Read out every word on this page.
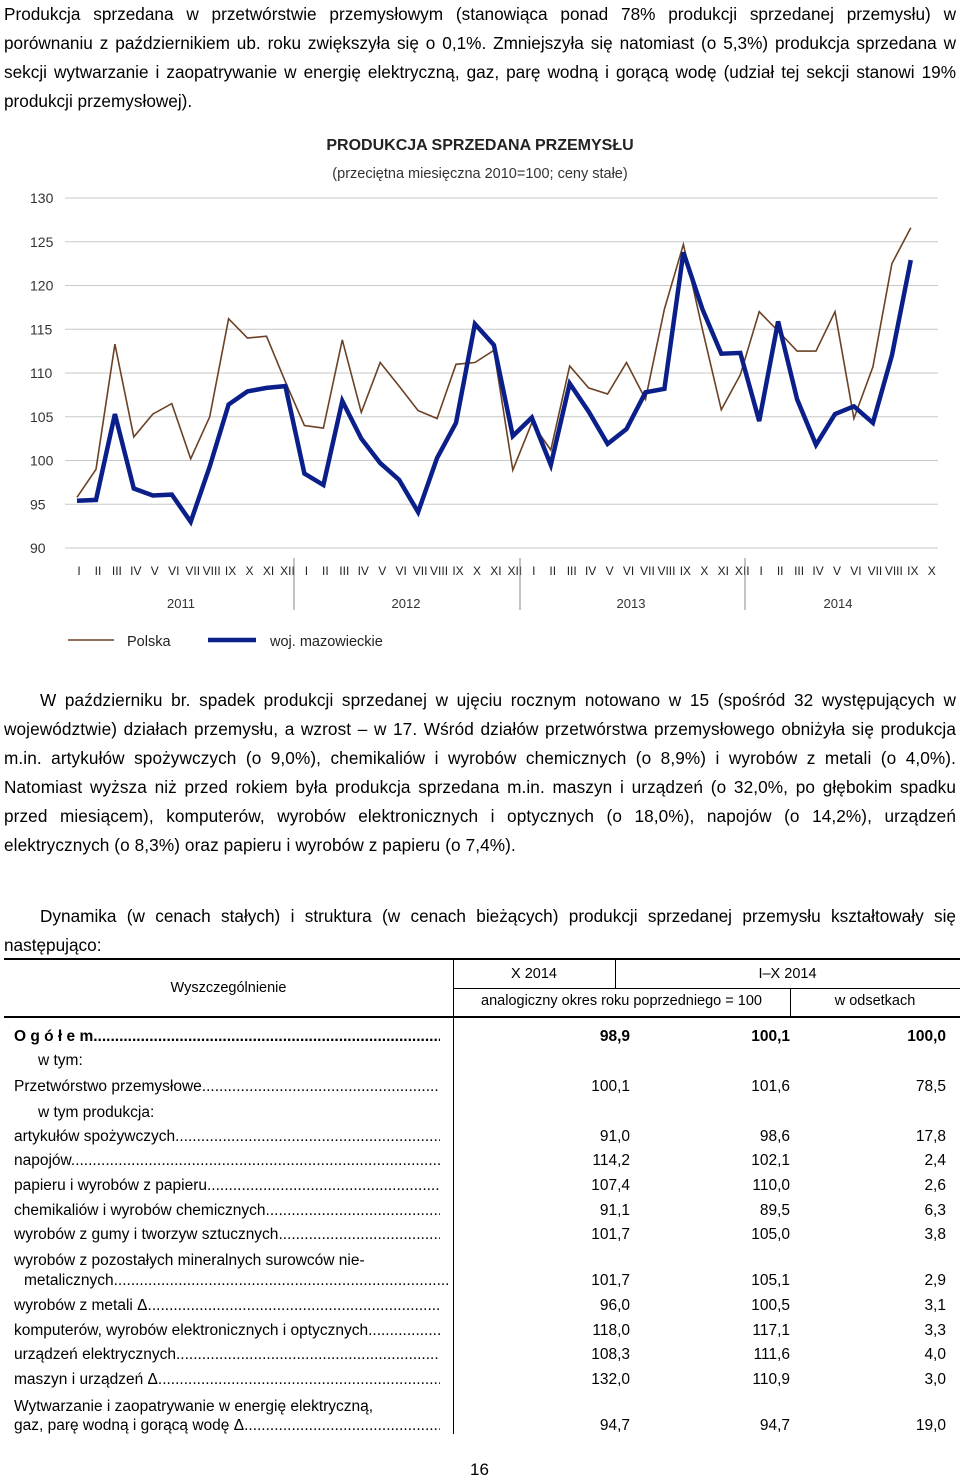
Produkcja sprzedana w przetwórstwie przemysłowym (stanowiąca ponad 78% produkcji sprzedanej przemysłu) w porównaniu z październikiem ub. roku zwiększyła się o 0,1%. Zmniejszyła się natomiast (o 5,3%) produkcja sprzedana w sekcji wytwarzanie i zaopatrywanie w energię elektryczną, gaz, parę wodną i gorącą wodę (udział tej sekcji stanowi 19% produkcji przemysłowej).

PRODUKCJA SPRZEDANA PRZEMYSŁU
(przeciętna miesięczna 2010=100; ceny stałe)
90
95
100
105
110
115
120
125
130
I II III IV V VI VII VIII IX X XI XII I II III IV V VI VII VIII IX X XI XII I II III IV V VI VII VIII IX X XI XII I II III IV V VI VII VIII IX X
2011	2012	2013	2014
Polska	woj. mazowieckie

W październiku br. spadek produkcji sprzedanej w ujęciu rocznym notowano w 15 (spośród 32 występujących w województwie) działach przemysłu, a wzrost – w 17. Wśród działów przetwórstwa przemysłowego obniżyła się produkcja m.in. artykułów spożywczych (o 9,0%), chemikaliów i wyrobów chemicznych (o 8,9%) i wyrobów z metali (o 4,0%). Natomiast wyższa niż przed rokiem była produkcja sprzedana m.in. maszyn i urządzeń (o 32,0%, po głębokim spadku przed miesiącem), komputerów, wyrobów elektronicznych i optycznych (o 18,0%), napojów (o 14,2%), urządzeń elektrycznych (o 8,3%) oraz papieru i wyrobów z papieru (o 7,4%).

Dynamika (w cenach stałych) i struktura (w cenach bieżących) produkcji sprzedanej przemysłu kształtowały się następująco:

Wyszczególnienie
X 2014	I–X 2014
analogiczny okres roku poprzedniego = 100	w odsetkach
O g ó ł e m .....	98,9	100,1	100,0
w tym:
Przetwórstwo przemysłowe .....	100,1	101,6	78,5
w tym produkcja:
artykułów spożywczych .....	91,0	98,6	17,8
napojów .....	114,2	102,1	2,4
papieru i wyrobów z papieru .....	107,4	110,0	2,6
chemikaliów i wyrobów chemicznych .....	91,1	89,5	6,3
wyrobów z gumy i tworzyw sztucznych .....	101,7	105,0	3,8
wyrobów z pozostałych mineralnych surowców nie-
metalicznych .....	101,7	105,1	2,9
wyrobów z metali Δ .....	96,0	100,5	3,1
komputerów, wyrobów elektronicznych i optycznych .....	118,0	117,1	3,3
urządzeń elektrycznych .....	108,3	111,6	4,0
maszyn i urządzeń Δ .....	132,0	110,9	3,0
Wytwarzanie i zaopatrywanie w energię elektryczną,
gaz, parę wodną i gorącą wodę Δ .....	94,7	94,7	19,0
16
